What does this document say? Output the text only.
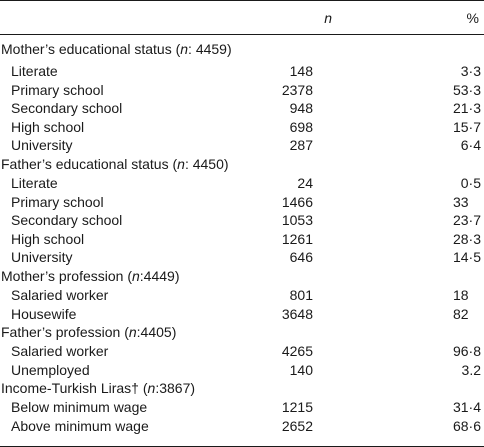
n	%
Mother’s educational status (n: 4459)
Literate	148	3·3
Primary school	2378	53·3
Secondary school	948	21·3
High school	698	15·7
University	287	6·4
Father’s educational status (n: 4450)
Literate	24	0·5
Primary school	1466	33
Secondary school	1053	23·7
High school	1261	28·3
University	646	14·5
Mother’s profession (n:4449)
Salaried worker	801	18
Housewife	3648	82
Father’s profession (n:4405)
Salaried worker	4265	96·8
Unemployed	140	3.2
Income-Turkish Liras† (n:3867)
Below minimum wage	1215	31·4
Above minimum wage	2652	68·6
